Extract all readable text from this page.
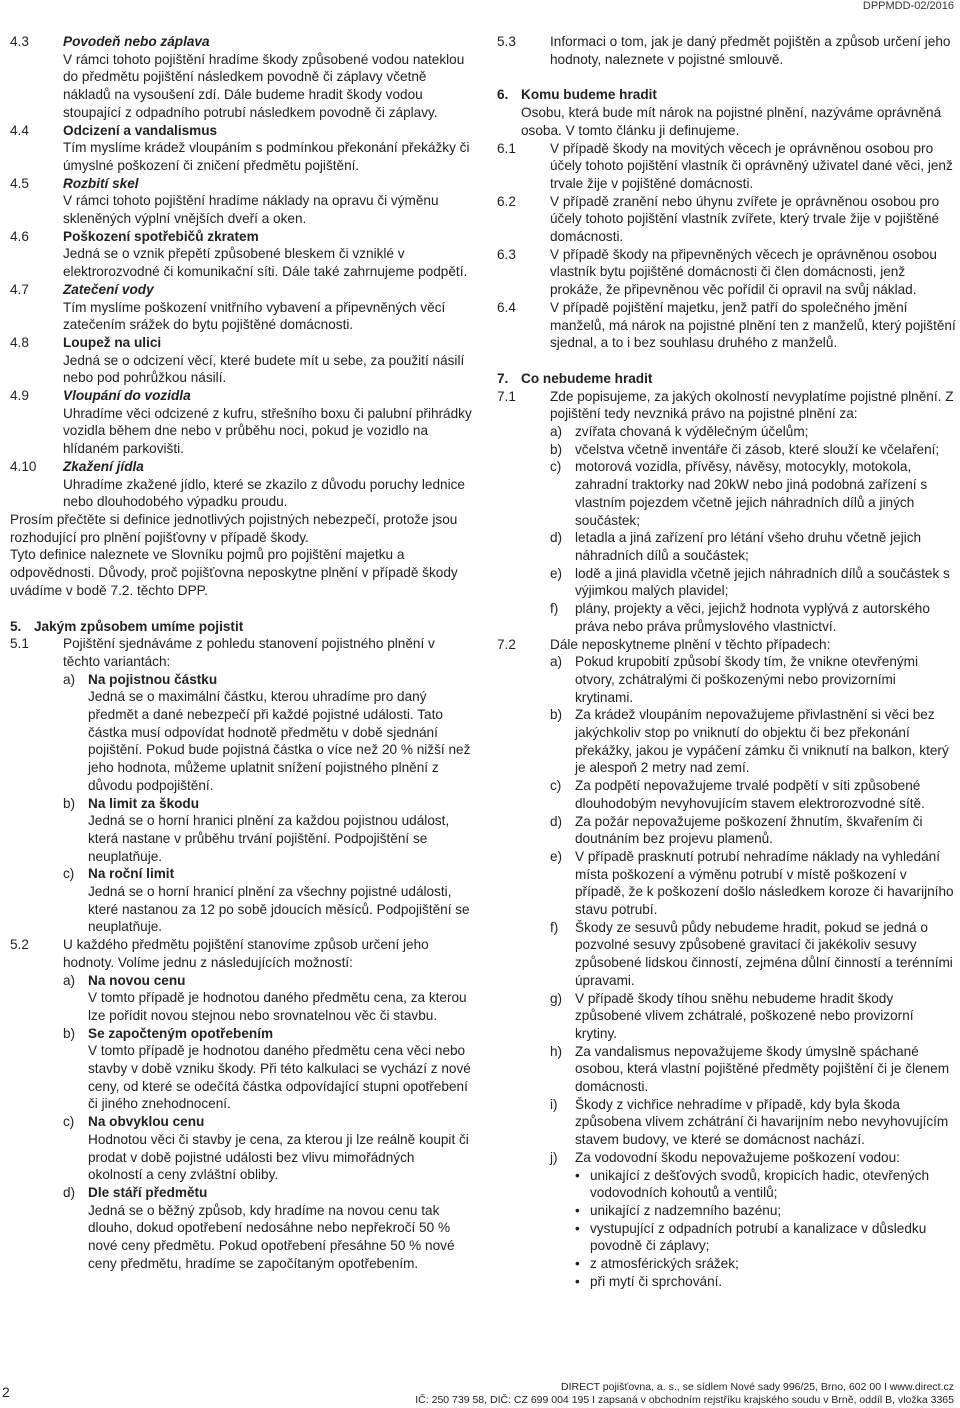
DPPMDD-02/2016
4.3	Povodeň nebo záplava
V rámci tohoto pojištění hradíme škody způsobené vodou nateklou do předmětu pojištění následkem povodně či záplavy včetně nákladů na vysoušení zdí. Dále budeme hradit škody vodou stoupající z odpadního potrubí následkem povodně či záplavy.
4.4	Odcizení a vandalismus
Tím myslíme krádež vloupáním s podmínkou překonání překážky či úmyslné poškození či zničení předmětu pojištění.
4.5	Rozbití skel
V rámci tohoto pojištění hradíme náklady na opravu či výměnu skleněných výplní vnějších dveří a oken.
4.6	Poškození spotřebičů zkratem
Jedná se o vznik přepětí způsobené bleskem či vzniklé v elektrorozvodné či komunikační síti. Dále také zahrnujeme podpětí.
4.7	Zatečení vody
Tím myslíme poškození vnitřního vybavení a připevněných věcí zatečením srážek do bytu pojištěné domácnosti.
4.8	Loupež na ulici
Jedná se o odcizení věcí, které budete mít u sebe, za použití násilí nebo pod pohrůžkou násilí.
4.9	Vloupání do vozidla
Uhradíme věci odcizené z kufru, střešního boxu či palubní přihrádky vozidla během dne nebo v průběhu noci, pokud je vozidlo na hlídaném parkovišti.
4.10	Zkažení jídla
Uhradíme zkažené jídlo, které se zkazilo z důvodu poruchy lednice nebo dlouhodobého výpadku proudu.
Prosím přečtěte si definice jednotlivých pojistných nebezpečí, protože jsou rozhodující pro plnění pojišťovny v případě škody.
Tyto definice naleznete ve Slovníku pojmů pro pojištění majetku a odpovědnosti. Důvody, proč pojišťovna neposkytne plnění v případě škody uvádíme v bodě 7.2. těchto DPP.
5. Jakým způsobem umíme pojistit
5.1	Pojištění sjednáváme z pohledu stanovení pojistného plnění v těchto variantách:
a) Na pojistnou částku
Jedná se o maximální částku, kterou uhradíme pro daný předmět a dané nebezpečí při každé pojistné události. Tato částka musí odpovídat hodnotě předmětu v době sjednání pojištění. Pokud bude pojistná částka o více než 20 % nižší než jeho hodnota, můžeme uplatnit snížení pojistného plnění z důvodu podpojištění.
b) Na limit za škodu
Jedná se o horní hranici plnění za každou pojistnou událost, která nastane v průběhu trvání pojištění. Podpojištění se neuplatňuje.
c)	Na roční limit
Jedná se o horní hranicí plnění za všechny pojistné události, které nastanou za 12 po sobě jdoucích měsíců. Podpojištění se neuplatňuje.
5.2	U každého předmětu pojištění stanovíme způsob určení jeho hodnoty. Volíme jednu z následujících možností:
a) Na novou cenu
V tomto případě je hodnotou daného předmětu cena, za kterou lze pořídit novou stejnou nebo srovnatelnou věc či stavbu.
b) Se započteným opotřebením
V tomto případě je hodnotou daného předmětu cena věci nebo stavby v době vzniku škody. Při této kalkulaci se vychází z nové ceny, od které se odečítá částka odpovídající stupni opotřebení či jiného znehodnocení.
c)	Na obvyklou cenu
Hodnotou věci či stavby je cena, za kterou ji lze reálně koupit či prodat v době pojistné události bez vlivu mimořádných okolností a ceny zvláštní obliby.
d) Dle stáří předmětu
Jedná se o běžný způsob, kdy hradíme na novou cenu tak dlouho, dokud opotřebení nedosáhne nebo nepřekročí 50 % nové ceny předmětu. Pokud opotřebení přesáhne 50 % nové ceny předmětu, hradíme se započítaným opotřebením.
5.3	Informaci o tom, jak je daný předmět pojištěn a způsob určení jeho hodnoty, naleznete v pojistné smlouvě.
6. Komu budeme hradit
Osobu, která bude mít nárok na pojistné plnění, nazýváme oprávněná osoba. V tomto článku ji definujeme.
6.1	V případě škody na movitých věcech je oprávněnou osobou pro účely tohoto pojištění vlastník či oprávněný uživatel dané věci, jenž trvale žije v pojištěné domácnosti.
6.2	V případě zranění nebo úhynu zvířete je oprávněnou osobou pro účely tohoto pojištění vlastník zvířete, který trvale žije v pojištěné domácnosti.
6.3	V případě škody na připevněných věcech je oprávněnou osobou vlastník bytu pojištěné domácnosti či člen domácnosti, jenž prokáže, že připevněnou věc pořídil či opravil na svůj náklad.
6.4	V případě pojištění majetku, jenž patří do společného jmění manželů, má nárok na pojistné plnění ten z manželů, který pojištění sjednal, a to i bez souhlasu druhého z manželů.
7. Co nebudeme hradit
7.1	Zde popisujeme, za jakých okolností nevyplatíme pojistné plnění. Z pojištění tedy nevzniká právo na pojistné plnění za:
a) zvířata chovaná k výdělečným účelům;
b) včelstva včetně inventáře či zásob, které slouží ke včelaření;
c)	motorová vozidla, přívěsy, návěsy, motocykly, motokola, zahradní traktorky nad 20kW nebo jiná podobná zařízení s vlastním pojezdem včetně jejich náhradních dílů a jiných součástek;
d) letadla a jiná zařízení pro létání všeho druhu včetně jejich náhradních dílů a součástek;
e) lodě a jiná plavidla včetně jejich náhradních dílů a součástek s výjimkou malých plavidel;
f)	plány, projekty a věci, jejichž hodnota vyplývá z autorského práva nebo práva průmyslového vlastnictví.
7.2	Dále neposkytneme plnění v těchto případech:
a) Pokud krupobití způsobí škody tím, že vnikne otevřenými otvory, zchátralými či poškozenými nebo provizorními krytinami.
b) Za krádež vloupáním nepovažujeme přivlastnění si věci bez jakýchkoliv stop po vniknutí do objektu či bez překonání překážky, jakou je vypáčení zámku či vniknutí na balkon, který je alespoň 2 metry nad zemí.
c)	Za podpětí nepovažujeme trvalé podpětí v síti způsobené dlouhodobým nevyhovujícím stavem elektrorozvodné sítě.
d) Za požár nepovažujeme poškození žhnutím, škvařením či doutnáním bez projevu plamenů.
e) V případě prasknutí potrubí nehradíme náklady na vyhledání místa poškození a výměnu potrubí v místě poškození v případě, že k poškození došlo následkem koroze či havarijního stavu potrubí.
f)	Škody ze sesuvů půdy nebudeme hradit, pokud se jedná o pozvolné sesuvy způsobené gravitací či jakékoliv sesuvy způsobené lidskou činností, zejména důlní činností a terénními úpravami.
g) V případě škody tíhou sněhu nebudeme hradit škody způsobené vlivem zchátralé, poškozené nebo provizorní krytiny.
h) Za vandalismus nepovažujeme škody úmyslně spáchané osobou, která vlastní pojištěné předměty pojištění či je členem domácnosti.
i)	Škody z vichřice nehradíme v případě, kdy byla škoda způsobena vlivem zchátrání či havarijním nebo nevyhovujícím stavem budovy, ve které se domácnost nachází.
j)	Za vodovodní škodu nepovažujeme poškození vodou:
• unikající z dešťových svodů, kropicích hadic, otevřených vodovodních kohoutů a ventilů;
• unikající z nadzemního bazénu;
• vystupující z odpadních potrubí a kanalizace v důsledku povodně či záplavy;
• z atmosférických srážek;
• při mytí či sprchování.
2	DIRECT pojišťovna, a. s., se sídlem Nové sady 996/25, Brno, 602 00 I www.direct.cz
IČ: 250 739 58, DIČ: CZ 699 004 195 I zapsaná v obchodním rejstříku krajského soudu v Brně, oddíl B, vložka 3365
